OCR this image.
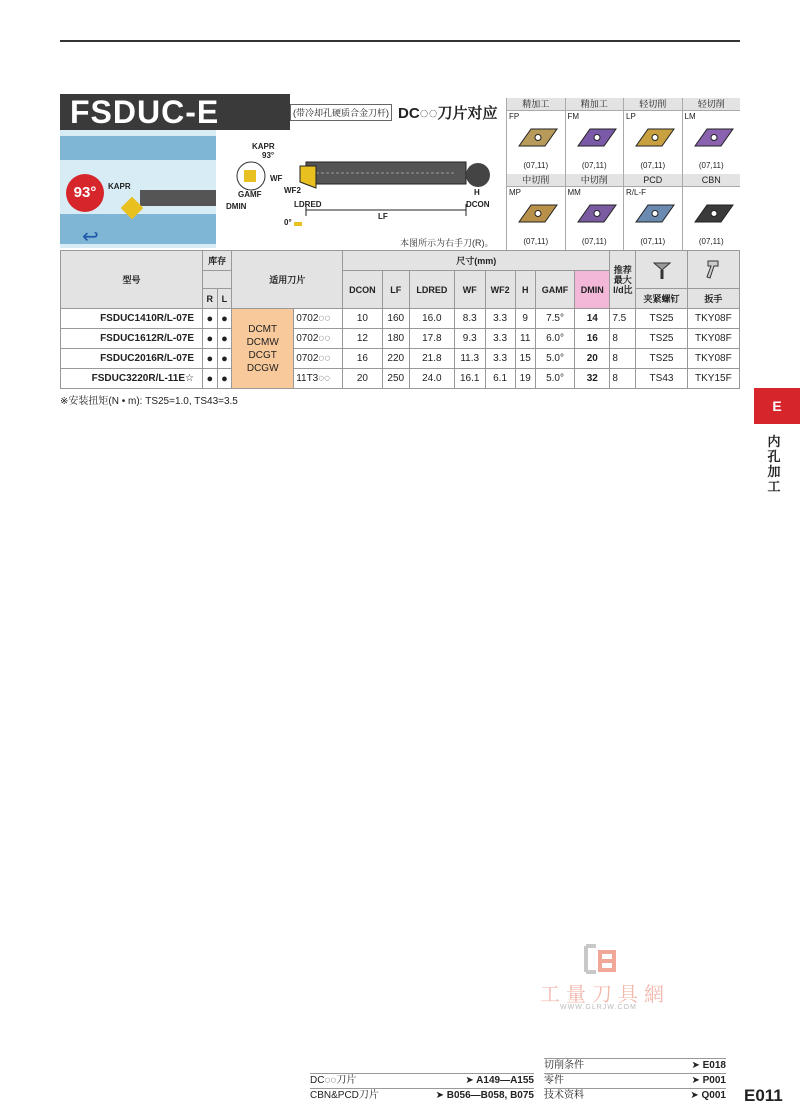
FSDUC-E	(带冷却孔硬质合金刀杆) DC◌◌刀片对应
93°	KAPR
↩
KAPR
93°
GAMF
DMIN
WF
WF2
LDRED
LF
H
DCON
0°
本图所示为右手刀(R)。
精加工
FP
(07,11)
精加工
FM
(07,11)
轻切削
LP
(07,11)
轻切削
LM
(07,11)
中切削
MP
(07,11)
中切削
MM
(07,11)
PCD
R/L-F
(07,11)
CBN
(07,11)
型号	库存		适用刀片		尺寸(mm)								推荐最大l/d比		
					DCON	LF	LDRED	WF	WF2	H	GAMF	DMIN			
	R	L												夹紧螺钉	扳手
FSDUC1410R/L-07E	●	●	DCMT
DCMW
DCGT
DCGW	0702◌◌	10	160	16.0	8.3	3.3	9	7.5°	14	7.5	TS25	TKY08F
FSDUC1612R/L-07E	●	●		0702◌◌	12	180	17.8	9.3	3.3	11	6.0°	16	8	TS25	TKY08F
FSDUC2016R/L-07E	●	●		0702◌◌	16	220	21.8	11.3	3.3	15	5.0°	20	8	TS25	TKY08F
FSDUC3220R/L-11E☆	●	●		11T3◌◌	20	250	24.0	16.1	6.1	19	5.0°	32	8	TS43	TKY15F
※安装扭矩(N • m): TS25=1.0, TS43=3.5	E
内孔加工
工量刀具網
WWW.GLRJW.COM
DC◌◌刀片	➤ A149—A155
CBN&PCD刀片	➤ B056—B058, B075
切削条件	➤ E018
零件	➤ P001
技术资料	➤ Q001 E011
